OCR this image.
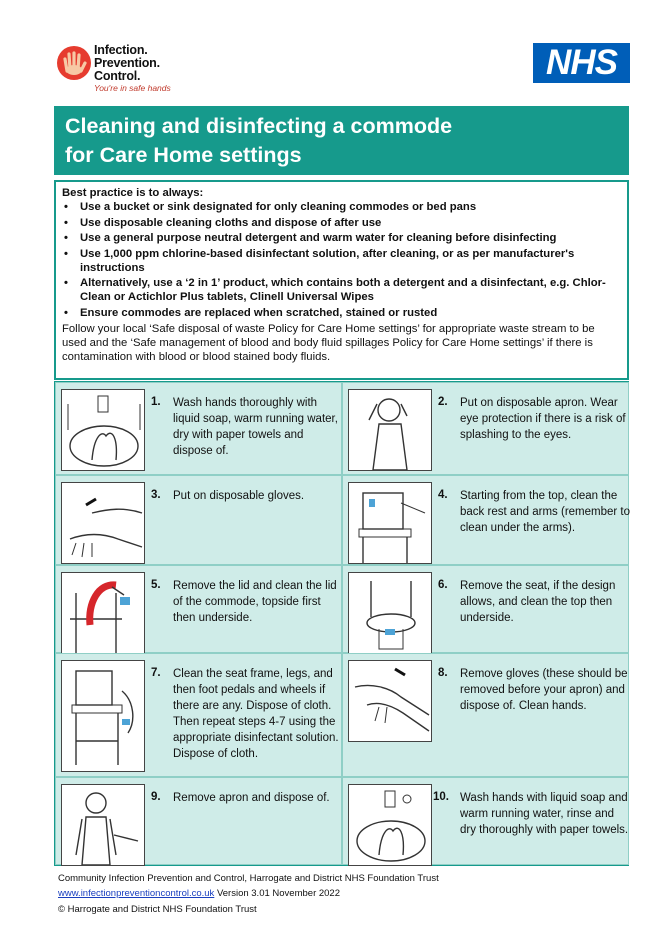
Infection.
Prevention.
Control.
You're in safe hands
NHS
Cleaning and disinfecting a commode
for Care Home settings
Best practice is to always:
• Use a bucket or sink designated for only cleaning commodes or bed pans
• Use disposable cleaning cloths and dispose of after use
• Use a general purpose neutral detergent and warm water for cleaning before disinfecting
• Use 1,000 ppm chlorine-based disinfectant solution, after cleaning, or as per manufacturer's instructions
• Alternatively, use a ‘2 in 1’ product, which contains both a detergent and a disinfectant, e.g. Chlor-Clean or Actichlor Plus tablets, Clinell Universal Wipes
• Ensure commodes are replaced when scratched, stained or rusted
Follow your local ‘Safe disposal of waste Policy for Care Home settings’ for appropriate waste stream to be used and the ‘Safe management of blood and body fluid spillages Policy for Care Home settings’ if there is contamination with blood or blood stained body fluids.
1. Wash hands thoroughly with liquid soap, warm running water, dry with paper towels and dispose of.
2. Put on disposable apron. Wear eye protection if there is a risk of splashing to the eyes.
3. Put on disposable gloves.	4. Starting from the top, clean the back rest and arms (remember to clean under the arms).
5. Remove the lid and clean the lid of the commode, topside first then underside.
6. Remove the seat, if the design allows, and clean the top then underside.
7. Clean the seat frame, legs, and then foot pedals and wheels if there are any. Dispose of cloth. Then repeat steps 4-7 using the appropriate disinfectant solution. Dispose of cloth.
8. Remove gloves (these should be removed before your apron) and dispose of. Clean hands.
9. Remove apron and dispose of.	10. Wash hands with liquid soap and warm running water, rinse and dry thoroughly with paper towels.
Community Infection Prevention and Control, Harrogate and District NHS Foundation Trust
www.infectionpreventioncontrol.co.uk Version 3.01 November 2022
© Harrogate and District NHS Foundation Trust
